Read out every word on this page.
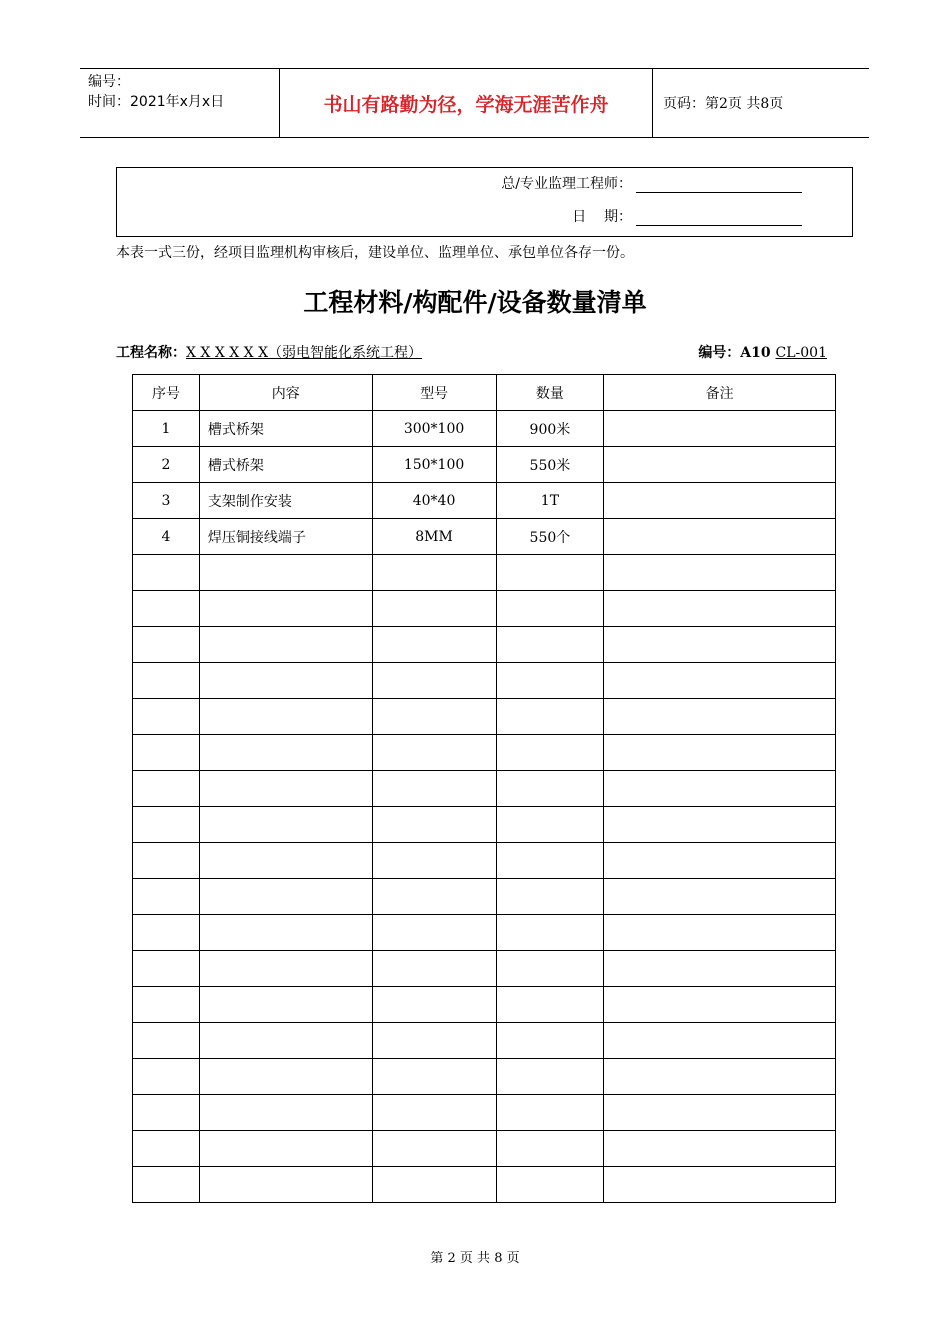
编号：
时间：2021年x月x日	书山有路勤为径，学海无涯苦作舟	页码：第2页 共8页
总/专业监理工程师：
日    期：
本表一式三份，经项目监理机构审核后，建设单位、监理单位、承包单位各存一份。
工程材料/构配件/设备数量清单
工程名称：X X X X X X（弱电智能化系统工程）	编号：A10 CL-001
序号	内容	型号	数量	备注
1	槽式桥架	300*100	900米	
2	槽式桥架	150*100	550米	
3	支架制作安装	40*40	1T	
4	焊压铜接线端子	8MM	550个	

第 2 页 共 8 页
